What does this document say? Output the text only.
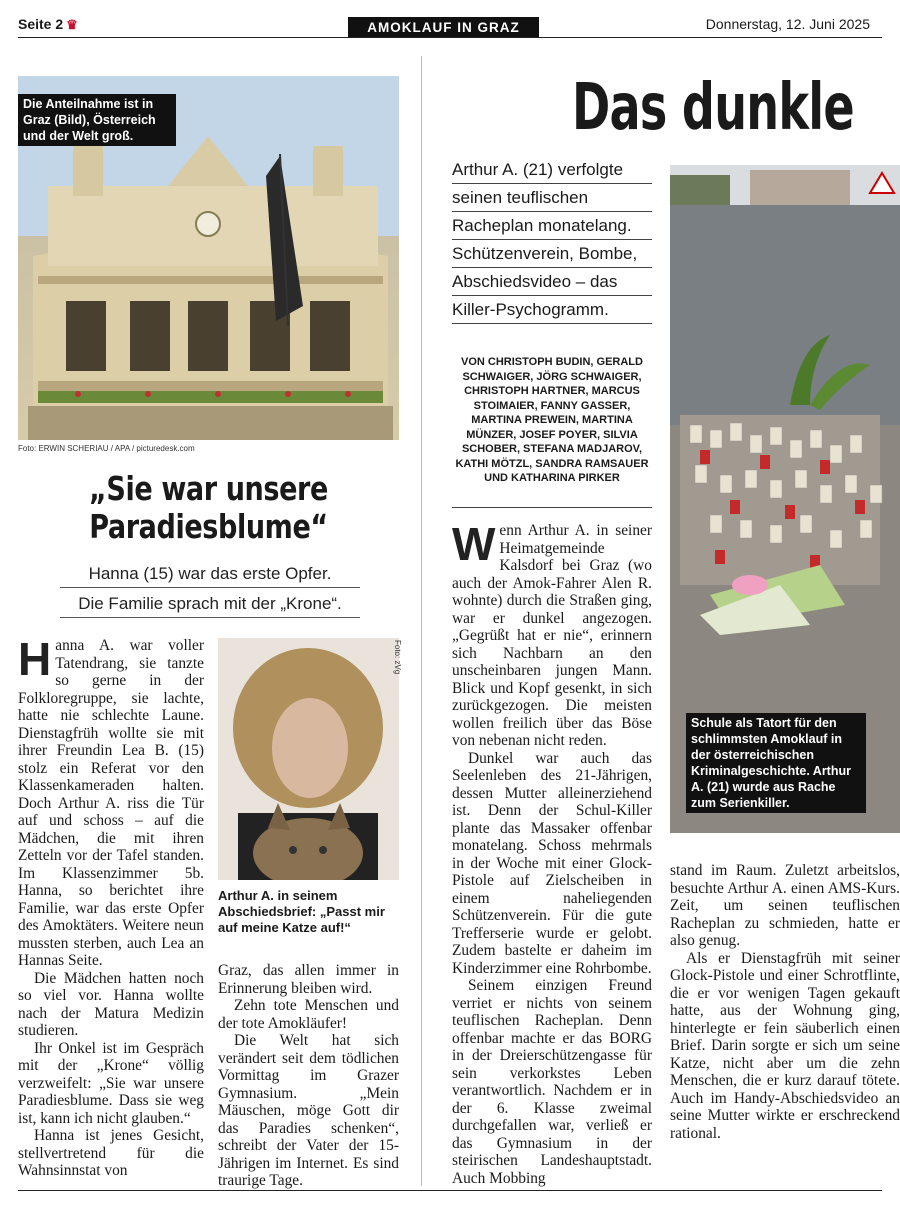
Seite 2 ♛	AMOKLAUF IN GRAZ	Donnerstag, 12. Juni 2025
Die Anteilnahme ist in Graz (Bild), Österreich und der Welt groß.
Foto: ERWIN SCHERIAU / APA / picturedesk.com
„Sie war unsere
Paradiesblume“
Hanna (15) war das erste Opfer.
Die Familie sprach mit der „Krone“.
H anna A. war voller Tatendrang, sie tanzte so gerne in der Folkloregruppe, sie lachte, hatte nie schlechte Laune. Dienstagfrüh wollte sie mit ihrer Freundin Lea B. (15) stolz ein Referat vor den Klassenkameraden halten. Doch Arthur A. riss die Tür auf und schoss – auf die Mädchen, die mit ihren Zetteln vor der Tafel standen. Im Klassenzimmer 5b. Hanna, so berichtet ihre Familie, war das erste Opfer des Amoktäters. Weitere neun mussten sterben, auch Lea an Hannas Seite.

Die Mädchen hatten noch so viel vor. Hanna wollte nach der Matura Medizin studieren.

Ihr Onkel ist im Gespräch mit der „Krone“ völlig verzweifelt: „Sie war unsere Paradiesblume. Dass sie weg ist, kann ich nicht glauben.“

Hanna ist jenes Gesicht, stellvertretend für die Wahnsinnstat von

Foto: zVg
Arthur A. in seinem Abschiedsbrief: „Passt mir auf meine Katze auf!“

Graz, das allen immer in Erinnerung bleiben wird.

Zehn tote Menschen und der tote Amokläufer!

Die Welt hat sich verändert seit dem tödlichen Vormittag im Grazer Gymnasium. „Mein Mäuschen, möge Gott dir das Paradies schenken“, schreibt der Vater der 15-Jährigen im Internet. Es sind traurige Tage.

Das dunkle
Arthur A. (21) verfolgte
seinen teuflischen
Racheplan monatelang.
Schützenverein, Bombe,
Abschiedsvideo – das
Killer-Psychogramm.
VON CHRISTOPH BUDIN, GERALD SCHWAIGER, JÖRG SCHWAIGER, CHRISTOPH HARTNER, MARCUS STOIMAIER, FANNY GASSER, MARTINA PREWEIN, MARTINA MÜNZER, JOSEF POYER, SILVIA SCHOBER, STEFANA MADJAROV, KATHI MÖTZL, SANDRA RAMSAUER UND KATHARINA PIRKER
Schule als Tatort für den schlimmsten Amoklauf in der österreichischen Kriminalgeschichte. Arthur A. (21) wurde aus Rache zum Serienkiller.
W enn Arthur A. in seiner Heimatgemeinde Kalsdorf bei Graz (wo auch der Amok-Fahrer Alen R. wohnte) durch die Straßen ging, war er dunkel angezogen. „Gegrüßt hat er nie“, erinnern sich Nachbarn an den unscheinbaren jungen Mann. Blick und Kopf gesenkt, in sich zurückgezogen. Die meisten wollen freilich über das Böse von nebenan nicht reden.

Dunkel war auch das Seelenleben des 21-Jährigen, dessen Mutter alleinerziehend ist. Denn der Schul-Killer plante das Massaker offenbar monatelang. Schoss mehrmals in der Woche mit einer Glock-Pistole auf Zielscheiben in einem naheliegenden Schützenverein. Für die gute Trefferserie wurde er gelobt. Zudem bastelte er daheim im Kinderzimmer eine Rohrbombe.

Seinem einzigen Freund verriet er nichts von seinem teuflischen Racheplan. Denn offenbar machte er das BORG in der Dreierschützengasse für sein verkorkstes Leben verantwortlich. Nachdem er in der 6. Klasse zweimal durchgefallen war, verließ er das Gymnasium in der steirischen Landeshauptstadt. Auch Mobbing

stand im Raum. Zuletzt arbeitslos, besuchte Arthur A. einen AMS-Kurs. Zeit, um seinen teuflischen Racheplan zu schmieden, hatte er also genug.

Als er Dienstagfrüh mit seiner Glock-Pistole und einer Schrotflinte, die er vor wenigen Tagen gekauft hatte, aus der Wohnung ging, hinterlegte er fein säuberlich einen Brief. Darin sorgte er sich um seine Katze, nicht aber um die zehn Menschen, die er kurz darauf tötete. Auch im Handy-Abschiedsvideo an seine Mutter wirkte er erschreckend rational.
